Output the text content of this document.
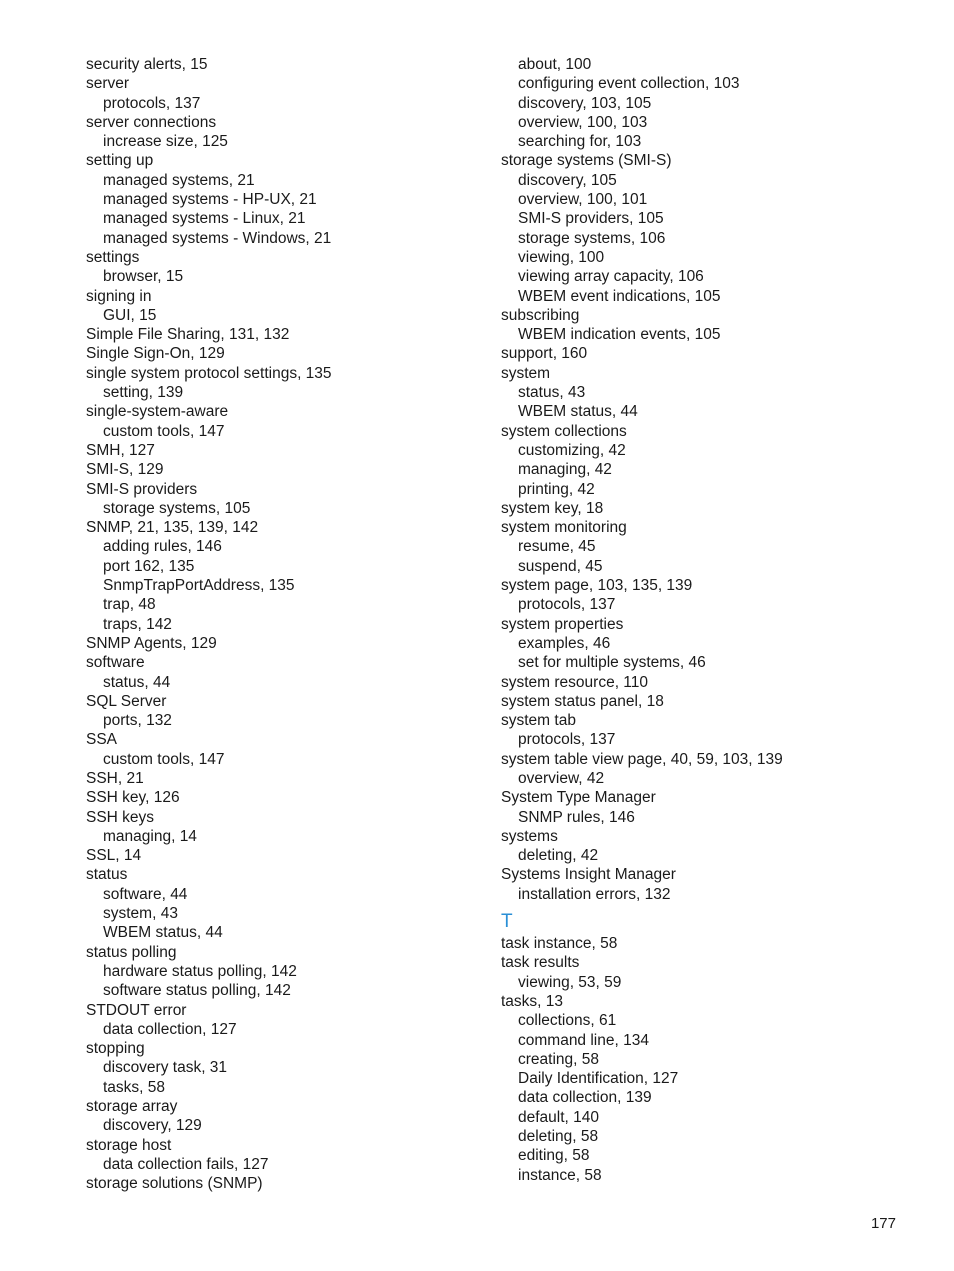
security alerts, 15
server
protocols, 137
server connections
increase size, 125
setting up
managed systems, 21
managed systems - HP-UX, 21
managed systems - Linux, 21
managed systems - Windows, 21
settings
browser, 15
signing in
GUI, 15
Simple File Sharing, 131, 132
Single Sign-On, 129
single system protocol settings, 135
setting, 139
single-system-aware
custom tools, 147
SMH, 127
SMI-S, 129
SMI-S providers
storage systems, 105
SNMP, 21, 135, 139, 142
adding rules, 146
port 162, 135
SnmpTrapPortAddress, 135
trap, 48
traps, 142
SNMP Agents, 129
software
status, 44
SQL Server
ports, 132
SSA
custom tools, 147
SSH, 21
SSH key, 126
SSH keys
managing, 14
SSL, 14
status
software, 44
system, 43
WBEM status, 44
status polling
hardware status polling, 142
software status polling, 142
STDOUT error
data collection, 127
stopping
discovery task, 31
tasks, 58
storage array
discovery, 129
storage host
data collection fails, 127
storage solutions (SNMP)
about, 100
configuring event collection, 103
discovery, 103, 105
overview, 100, 103
searching for, 103
storage systems (SMI-S)
discovery, 105
overview, 100, 101
SMI-S providers, 105
storage systems, 106
viewing, 100
viewing array capacity, 106
WBEM event indications, 105
subscribing
WBEM indication events, 105
support, 160
system
status, 43
WBEM status, 44
system collections
customizing, 42
managing, 42
printing, 42
system key, 18
system monitoring
resume, 45
suspend, 45
system page, 103, 135, 139
protocols, 137
system properties
examples, 46
set for multiple systems, 46
system resource, 110
system status panel, 18
system tab
protocols, 137
system table view page, 40, 59, 103, 139
overview, 42
System Type Manager
SNMP rules, 146
systems
deleting, 42
Systems Insight Manager
installation errors, 132
T
task instance, 58
task results
viewing, 53, 59
tasks, 13
collections, 61
command line, 134
creating, 58
Daily Identification, 127
data collection, 139
default, 140
deleting, 58
editing, 58
instance, 58
177
